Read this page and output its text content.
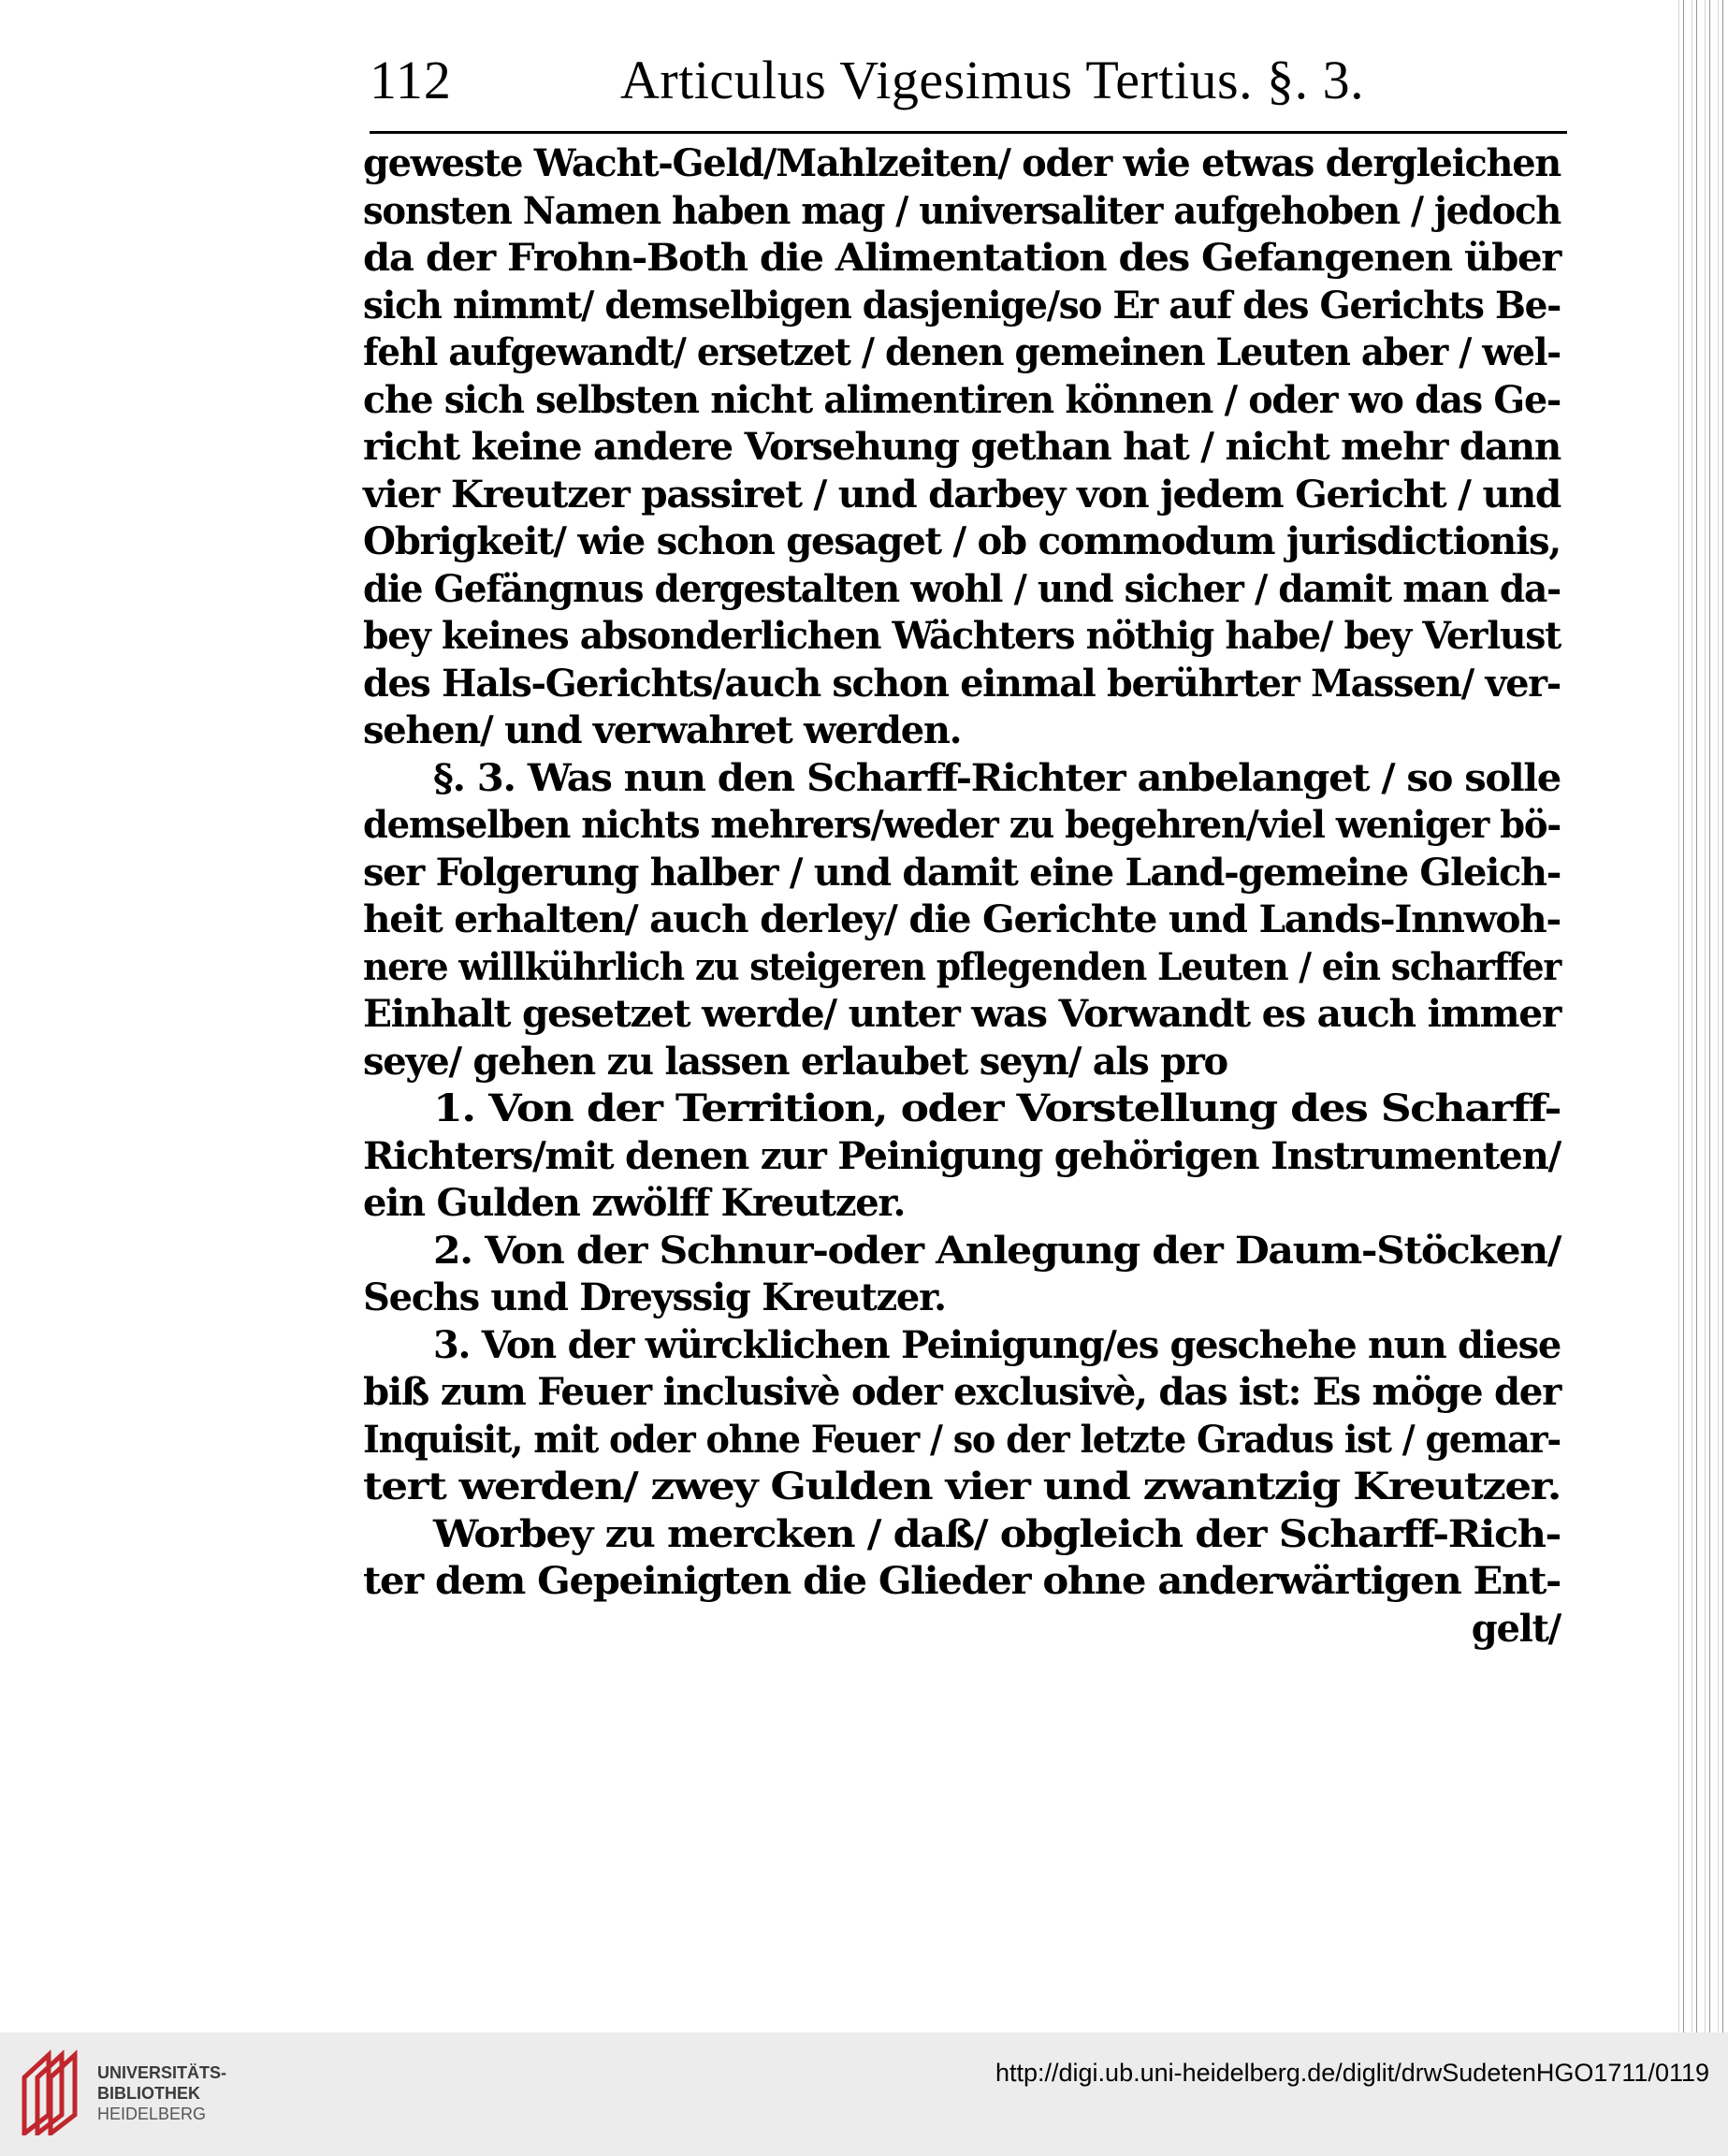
112	Articulus Vigesimus Tertius. §. 3.
geweste Wacht-Geld/Mahlzeiten/ oder wie etwas dergleichen
sonsten Namen haben mag / universaliter aufgehoben / jedoch
da der Frohn-Both die Alimentation des Gefangenen über
sich nimmt/ demselbigen dasjenige/so Er auf des Gerichts Be-
fehl aufgewandt/ ersetzet / denen gemeinen Leuten aber / wel-
che sich selbsten nicht alimentiren können / oder wo das Ge-
richt keine andere Vorsehung gethan hat / nicht mehr dann
vier Kreutzer passiret / und darbey von jedem Gericht / und
Obrigkeit/ wie schon gesaget / ob commodum jurisdictionis,
die Gefängnus dergestalten wohl / und sicher / damit man da-
bey keines absonderlichen Wächters nöthig habe/ bey Verlust
des Hals-Gerichts/auch schon einmal berührter Massen/ ver-
sehen/ und verwahret werden.
§. 3. Was nun den Scharff-Richter anbelanget / so solle
demselben nichts mehrers/weder zu begehren/viel weniger bö-
ser Folgerung halber / und damit eine Land-gemeine Gleich-
heit erhalten/ auch derley/ die Gerichte und Lands-Innwoh-
nere willkührlich zu steigeren pflegenden Leuten / ein scharffer
Einhalt gesetzet werde/ unter was Vorwandt es auch immer
seye/ gehen zu lassen erlaubet seyn/ als pro
1. Von der Territion, oder Vorstellung des Scharff-
Richters/mit denen zur Peinigung gehörigen Instrumenten/
ein Gulden zwölff Kreutzer.
2. Von der Schnur-oder Anlegung der Daum-Stöcken/
Sechs und Dreyssig Kreutzer.
3. Von der würcklichen Peinigung/es geschehe nun diese
biß zum Feuer inclusivè oder exclusivè, das ist: Es möge der
Inquisit, mit oder ohne Feuer / so der letzte Gradus ist / gemar-
tert werden/ zwey Gulden vier und zwantzig Kreutzer.
Worbey zu mercken / daß/ obgleich der Scharff-Rich-
ter dem Gepeinigten die Glieder ohne anderwärtigen Ent-
gelt/
UNIVERSITÄTS-
BIBLIOTHEK
HEIDELBERG
http://digi.ub.uni-heidelberg.de/diglit/drwSudetenHGO1711/0119
